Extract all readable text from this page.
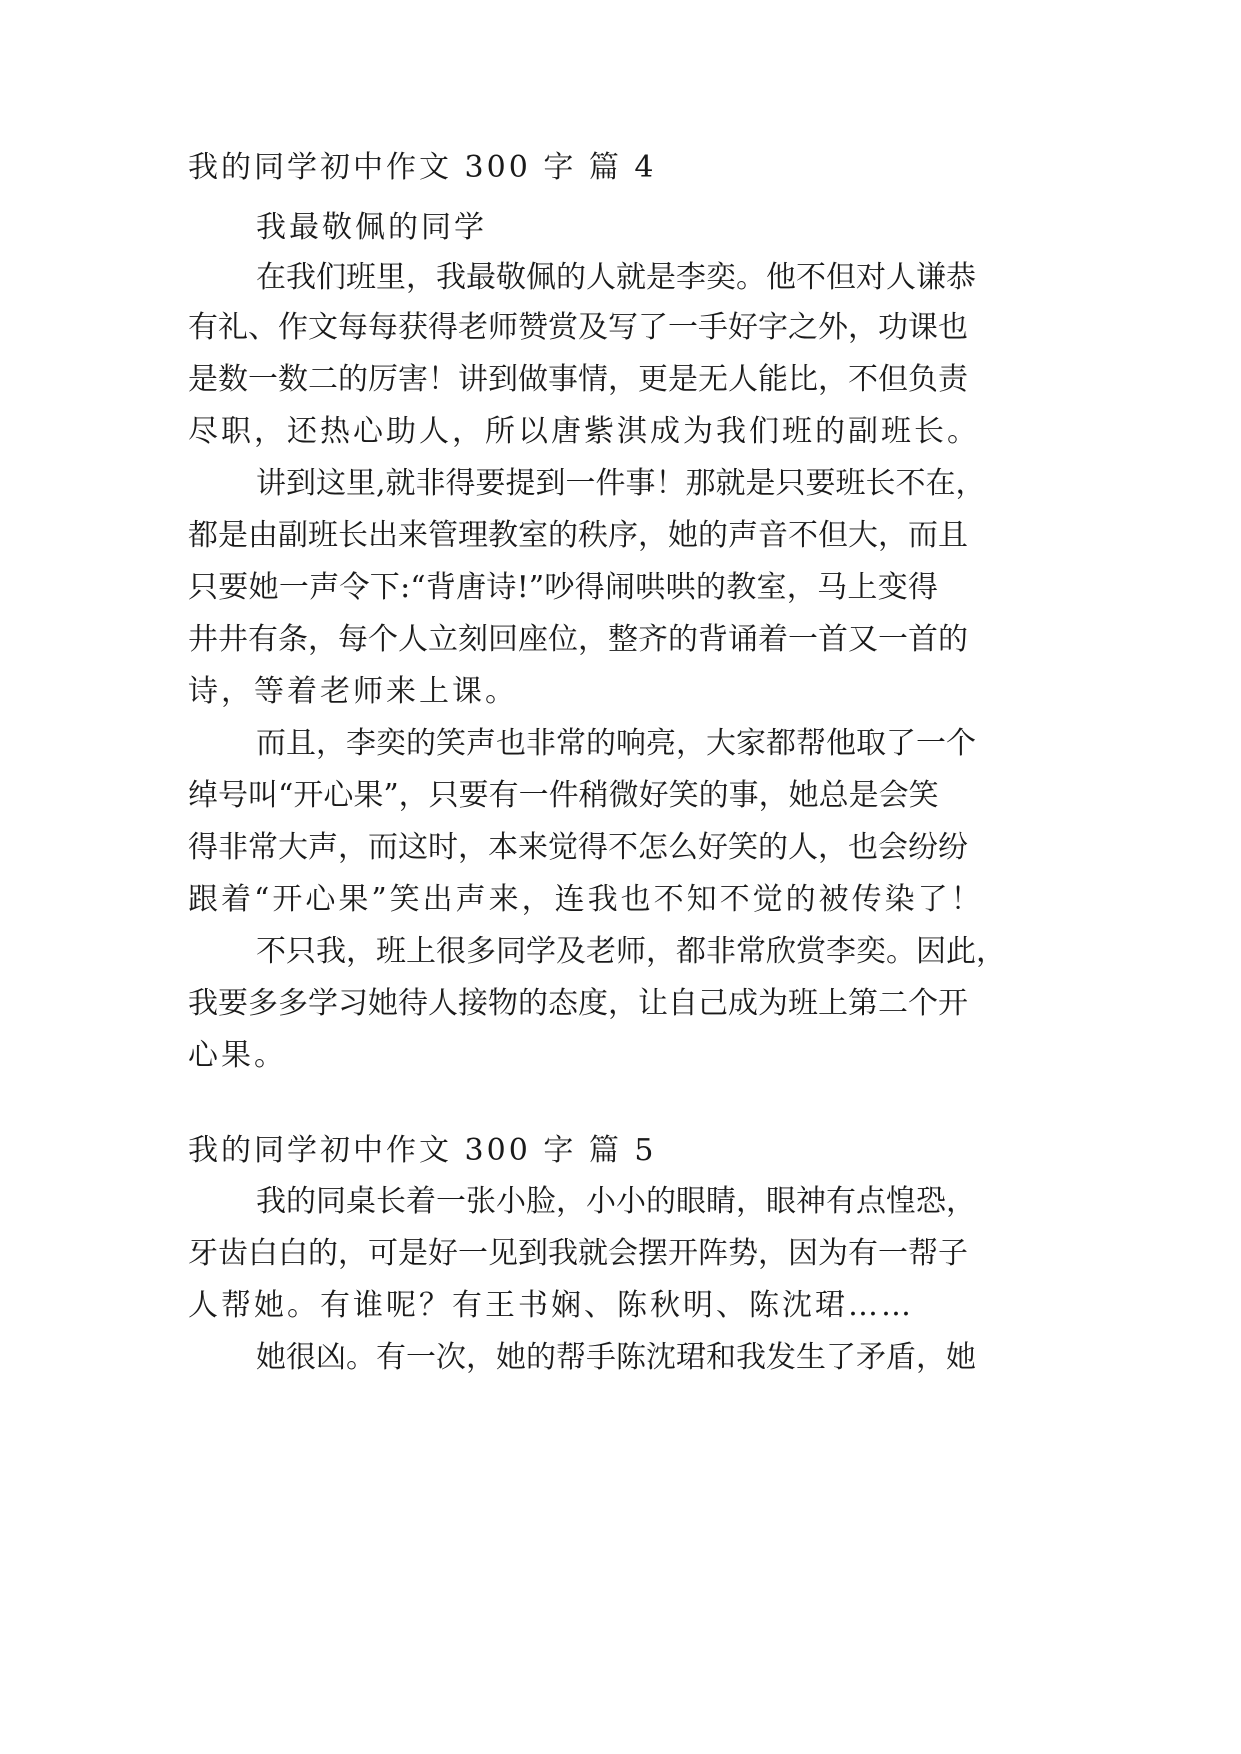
我的同学初中作文 300 字 篇 4
我最敬佩的同学
在我们班里，我最敬佩的人就是李奕。他不但对人谦恭
有礼、作文每每获得老师赞赏及写了一手好字之外，功课也
是数一数二的厉害！讲到做事情，更是无人能比，不但负责
尽职，还热心助人，所以唐紫淇成为我们班的副班长。
讲到这里,就非得要提到一件事！那就是只要班长不在，
都是由副班长出来管理教室的秩序，她的声音不但大，而且
只要她一声令下:“背唐诗!”吵得闹哄哄的教室，马上变得
井井有条，每个人立刻回座位，整齐的背诵着一首又一首的
诗，等着老师来上课。
而且，李奕的笑声也非常的响亮，大家都帮他取了一个
绰号叫“开心果”，只要有一件稍微好笑的事，她总是会笑
得非常大声，而这时，本来觉得不怎么好笑的人，也会纷纷
跟着“开心果”笑出声来，连我也不知不觉的被传染了！
不只我，班上很多同学及老师，都非常欣赏李奕。因此，
我要多多学习她待人接物的态度，让自己成为班上第二个开
心果。
我的同学初中作文 300 字 篇 5
我的同桌长着一张小脸，小小的眼睛，眼神有点惶恐，
牙齿白白的，可是好一见到我就会摆开阵势，因为有一帮子
人帮她。有谁呢？有王书娴、陈秋明、陈沈珺……
她很凶。有一次，她的帮手陈沈珺和我发生了矛盾，她
